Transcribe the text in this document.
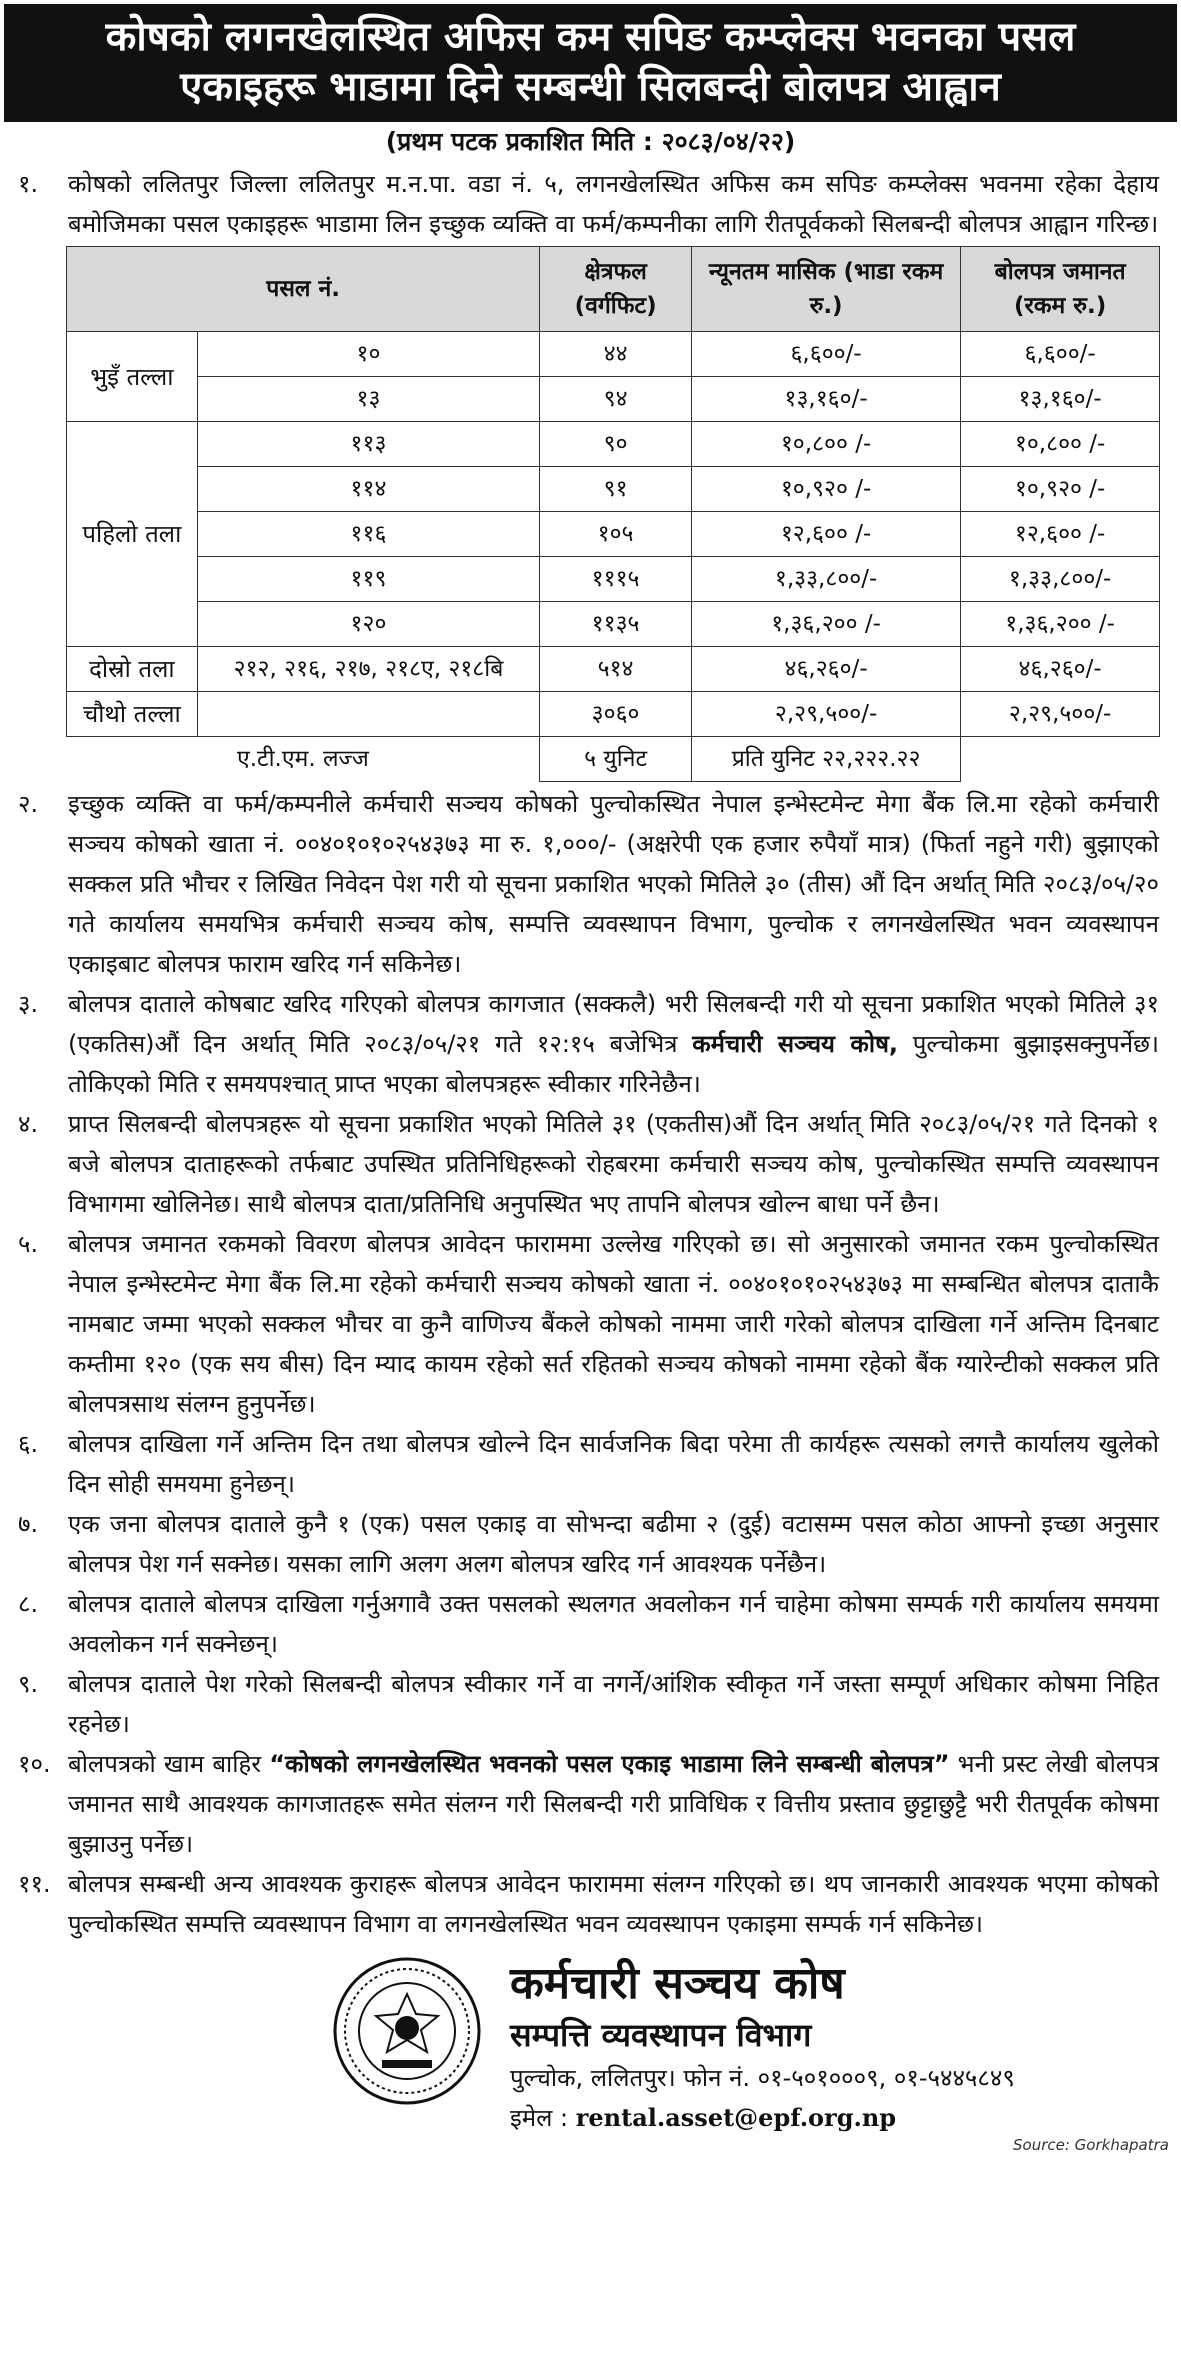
कोषको लगनखेलस्थित अफिस कम सपिङ कम्प्लेक्स भवनका पसल
एकाइहरू भाडामा दिने सम्बन्धी सिलबन्दी बोलपत्र आह्वान
(प्रथम पटक प्रकाशित मिति : २०८३/०४/२२)
१.	कोषको ललितपुर जिल्ला ललितपुर म.न.पा. वडा नं. ५, लगनखेलस्थित अफिस कम सपिङ कम्प्लेक्स भवनमा रहेका देहाय बमोजिमका पसल एकाइहरू भाडामा लिन इच्छुक व्यक्ति वा फर्म/कम्पनीका लागि रीतपूर्वकको सिलबन्दी बोलपत्र आह्वान गरिन्छ।

पसल नं.		क्षेत्रफल (वर्गफिट)	न्यूनतम मासिक (भाडा रकम रु.)	बोलपत्र जमानत (रकम रु.)
भुइँ तल्ला	१०	४४	६,६००/-	६,६००/-
	१३	९४	१३,१६०/-	१३,१६०/-
पहिलो तला	११३	९०	१०,८०० /-	१०,८०० /-
	११४	९१	१०,९२० /-	१०,९२० /-
	११६	१०५	१२,६०० /-	१२,६०० /-
	११९	१११५	१,३३,८००/-	१,३३,८००/-
	१२०	११३५	१,३६,२०० /-	१,३६,२०० /-
दोस्रो तला	२१२, २१६, २१७, २१८ए, २१८बि	५१४	४६,२६०/-	४६,२६०/-
चौथो तल्ला		३०६०	२,२९,५००/-	२,२९,५००/-
ए.टी.एम. लज्ज		५ युनिट	प्रति युनिट २२,२२२.२२	
२.	इच्छुक व्यक्ति वा फर्म/कम्पनीले कर्मचारी सञ्चय कोषको पुल्चोकस्थित नेपाल इन्भेस्टमेन्ट मेगा बैंक लि.मा रहेको कर्मचारी सञ्चय कोषको खाता नं. ००४०१०१०२५४३७३ मा रु. १,०००/- (अक्षरेपी एक हजार रुपैयाँ मात्र) (फिर्ता नहुने गरी) बुझाएको सक्कल प्रति भौचर र लिखित निवेदन पेश गरी यो सूचना प्रकाशित भएको मितिले ३० (तीस) औं दिन अर्थात् मिति २०८३/०५/२० गते कार्यालय समयभित्र कर्मचारी सञ्चय कोष, सम्पत्ति व्यवस्थापन विभाग, पुल्चोक र लगनखेलस्थित भवन व्यवस्थापन एकाइबाट बोलपत्र फाराम खरिद गर्न सकिनेछ।

३.	बोलपत्र दाताले कोषबाट खरिद गरिएको बोलपत्र कागजात (सक्कलै) भरी सिलबन्दी गरी यो सूचना प्रकाशित भएको मितिले ३१ (एकतिस)औं दिन अर्थात् मिति २०८३/०५/२१ गते १२:१५ बजेभित्र कर्मचारी सञ्चय कोष, पुल्चोकमा बुझाइसक्नुपर्नेछ। तोकिएको मिति र समयपश्चात् प्राप्त भएका बोलपत्रहरू स्वीकार गरिनेछैन।

४.	प्राप्त सिलबन्दी बोलपत्रहरू यो सूचना प्रकाशित भएको मितिले ३१ (एकतीस)औं दिन अर्थात् मिति २०८३/०५/२१ गते दिनको १ बजे बोलपत्र दाताहरूको तर्फबाट उपस्थित प्रतिनिधिहरूको रोहबरमा कर्मचारी सञ्चय कोष, पुल्चोकस्थित सम्पत्ति व्यवस्थापन विभागमा खोलिनेछ। साथै बोलपत्र दाता/प्रतिनिधि अनुपस्थित भए तापनि बोलपत्र खोल्न बाधा पर्ने छैन।

५.	बोलपत्र जमानत रकमको विवरण बोलपत्र आवेदन फाराममा उल्लेख गरिएको छ। सो अनुसारको जमानत रकम पुल्चोकस्थित नेपाल इन्भेस्टमेन्ट मेगा बैंक लि.मा रहेको कर्मचारी सञ्चय कोषको खाता नं. ००४०१०१०२५४३७३ मा सम्बन्धित बोलपत्र दाताकै नामबाट जम्मा भएको सक्कल भौचर वा कुनै वाणिज्य बैंकले कोषको नाममा जारी गरेको बोलपत्र दाखिला गर्ने अन्तिम दिनबाट कम्तीमा १२० (एक सय बीस) दिन म्याद कायम रहेको सर्त रहितको सञ्चय कोषको नाममा रहेको बैंक ग्यारेन्टीको सक्कल प्रति बोलपत्रसाथ संलग्न हुनुपर्नेछ।

६.	बोलपत्र दाखिला गर्ने अन्तिम दिन तथा बोलपत्र खोल्ने दिन सार्वजनिक बिदा परेमा ती कार्यहरू त्यसको लगत्तै कार्यालय खुलेको दिन सोही समयमा हुनेछन्।

७.	एक जना बोलपत्र दाताले कुनै १ (एक) पसल एकाइ वा सोभन्दा बढीमा २ (दुई) वटासम्म पसल कोठा आफ्नो इच्छा अनुसार बोलपत्र पेश गर्न सक्नेछ। यसका लागि अलग अलग बोलपत्र खरिद गर्न आवश्यक पर्नेछैन।

८.	बोलपत्र दाताले बोलपत्र दाखिला गर्नुअगावै उक्त पसलको स्थलगत अवलोकन गर्न चाहेमा कोषमा सम्पर्क गरी कार्यालय समयमा अवलोकन गर्न सक्नेछन्।

९.	बोलपत्र दाताले पेश गरेको सिलबन्दी बोलपत्र स्वीकार गर्ने वा नगर्ने/आंशिक स्वीकृत गर्ने जस्ता सम्पूर्ण अधिकार कोषमा निहित रहनेछ।

१०. बोलपत्रको खाम बाहिर “कोषको लगनखेलस्थित भवनको पसल एकाइ भाडामा लिने सम्बन्धी बोलपत्र” भनी प्रस्ट लेखी बोलपत्र जमानत साथै आवश्यक कागजातहरू समेत संलग्न गरी सिलबन्दी गरी प्राविधिक र वित्तीय प्रस्ताव छुट्टाछुट्टै भरी रीतपूर्वक कोषमा बुझाउनु पर्नेछ।

११. बोलपत्र सम्बन्धी अन्य आवश्यक कुराहरू बोलपत्र आवेदन फाराममा संलग्न गरिएको छ। थप जानकारी आवश्यक भएमा कोषको पुल्चोकस्थित सम्पत्ति व्यवस्थापन विभाग वा लगनखेलस्थित भवन व्यवस्थापन एकाइमा सम्पर्क गर्न सकिनेछ।

कर्मचारी सञ्चय कोष
सम्पत्ति व्यवस्थापन विभाग
पुल्चोक, ललितपुर। फोन नं. ०१-५०१०००९, ०१-५४४५८४९
इमेल : rental.asset@epf.org.np
Source: Gorkhapatra
